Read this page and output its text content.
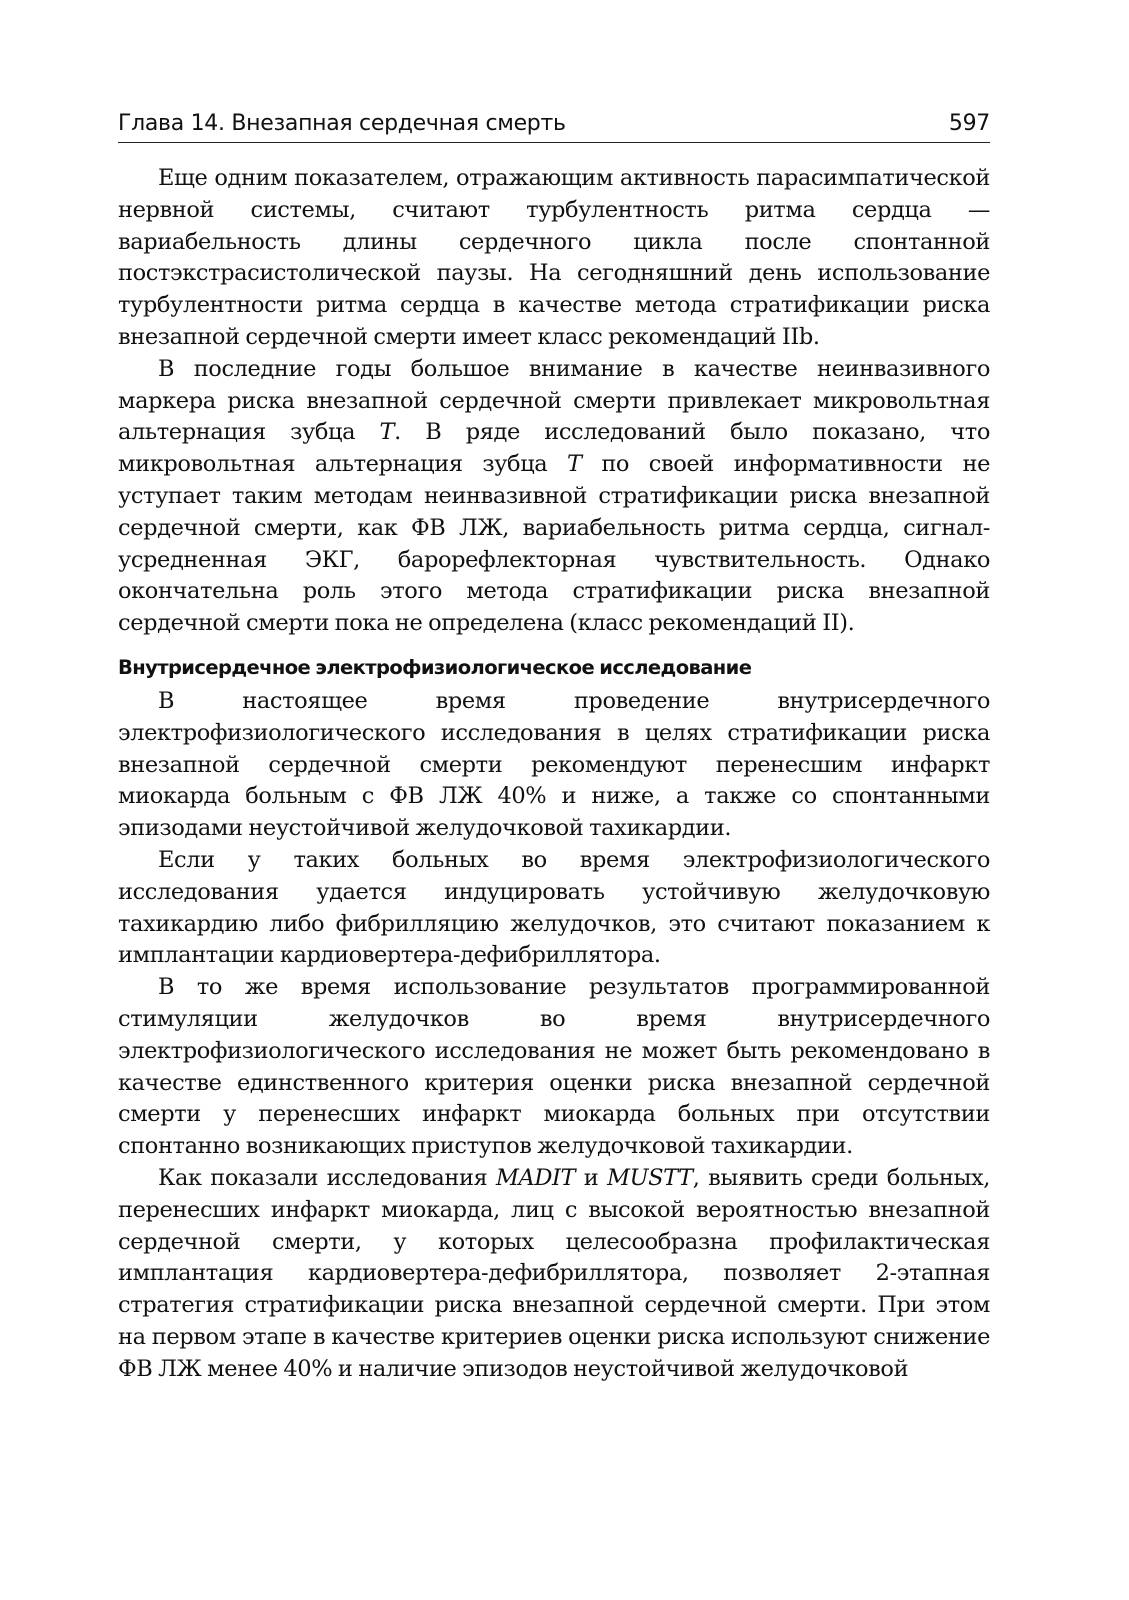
Глава 14. Внезапная сердечная смерть	597

Еще одним показателем, отражающим активность парасимпатической нервной системы, считают турбулентность ритма сердца — вариабельность длины сердечного цикла после спонтанной постэкстрасистолической паузы. На сегодняшний день использование турбулентности ритма сердца в качестве метода стратификации риска внезапной сердечной смерти имеет класс рекомендаций IIb.

В последние годы большое внимание в качестве неинвазивного маркера риска внезапной сердечной смерти привлекает микровольтная альтернация зубца T. В ряде исследований было показано, что микровольтная альтернация зубца T по своей информативности не уступает таким методам неинвазивной стратификации риска внезапной сердечной смерти, как ФВ ЛЖ, вариабельность ритма сердца, сигнал-усредненная ЭКГ, барорефлекторная чувствительность. Однако окончательна роль этого метода стратификации риска внезапной сердечной смерти пока не определена (класс рекомендаций II).

Внутрисердечное электрофизиологическое исследование

В настоящее время проведение внутрисердечного электрофизиологического исследования в целях стратификации риска внезапной сердечной смерти рекомендуют перенесшим инфаркт миокарда больным с ФВ ЛЖ 40% и ниже, а также со спонтанными эпизодами неустойчивой желудочковой тахикардии.

Если у таких больных во время электрофизиологического исследования удается индуцировать устойчивую желудочковую тахикардию либо фибрилляцию желудочков, это считают показанием к имплантации кардиовертера-дефибриллятора.

В то же время использование результатов программированной стимуляции желудочков во время внутрисердечного электрофизиологического исследования не может быть рекомендовано в качестве единственного критерия оценки риска внезапной сердечной смерти у перенесших инфаркт миокарда больных при отсутствии спонтанно возникающих приступов желудочковой тахикардии.

Как показали исследования MADIT и MUSTT, выявить среди больных, перенесших инфаркт миокарда, лиц с высокой вероятностью внезапной сердечной смерти, у которых целесообразна профилактическая имплантация кардиовертера-дефибриллятора, позволяет 2-этапная стратегия стратификации риска внезапной сердечной смерти. При этом на первом этапе в качестве критериев оценки риска используют снижение ФВ ЛЖ менее 40% и наличие эпизодов неустойчивой желудочковой
